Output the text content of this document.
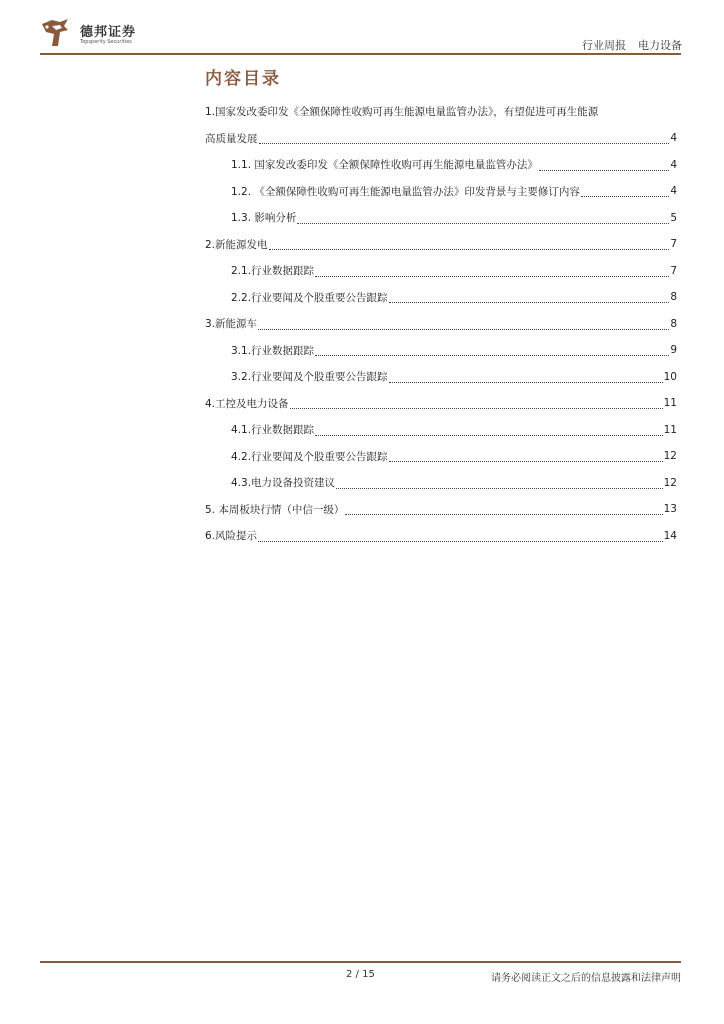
德邦证券
Topsperity Securities	行业周报 电力设备
内容目录
1.国家发改委印发《全额保障性收购可再生能源电量监管办法》，有望促进可再生能源
高质量发展	4
1.1. 国家发改委印发《全额保障性收购可再生能源电量监管办法》	4
1.2. 《全额保障性收购可再生能源电量监管办法》印发背景与主要修订内容	4
1.3. 影响分析	5
2.新能源发电	7
2.1.行业数据跟踪	7
2.2.行业要闻及个股重要公告跟踪	8
3.新能源车	8
3.1.行业数据跟踪	9
3.2.行业要闻及个股重要公告跟踪	10
4.工控及电力设备	11
4.1.行业数据跟踪	11
4.2.行业要闻及个股重要公告跟踪	12
4.3.电力设备投资建议	12
5. 本周板块行情（中信一级）	13
6.风险提示	14
2 / 15	请务必阅读正文之后的信息披露和法律声明
